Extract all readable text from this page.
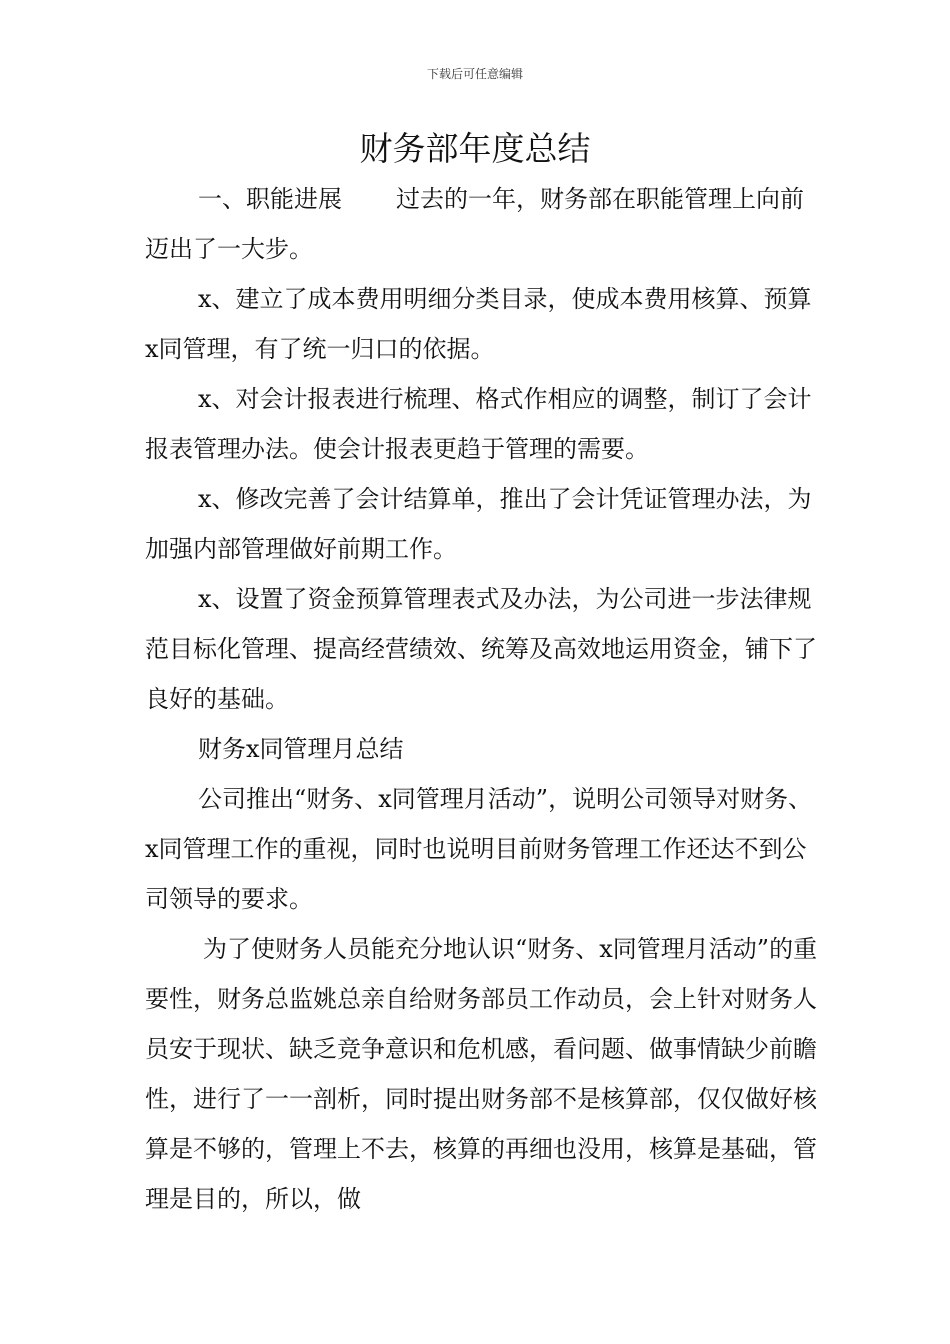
下载后可任意编辑
财务部年度总结

一、职能进展 过去的一年，财务部在职能管理上向前迈出了一大步。

x、建立了成本费用明细分类目录，使成本费用核算、预算x同管理，有了统一归口的依据。

x、对会计报表进行梳理、格式作相应的调整，制订了会计报表管理办法。使会计报表更趋于管理的需要。

x、修改完善了会计结算单，推出了会计凭证管理办法，为加强内部管理做好前期工作。

x、设置了资金预算管理表式及办法，为公司进一步法律规范目标化管理、提高经营绩效、统筹及高效地运用资金，铺下了良好的基础。

财务x同管理月总结

公司推出“财务、x同管理月活动”，说明公司领导对财务、x同管理工作的重视，同时也说明目前财务管理工作还达不到公司领导的要求。

为了使财务人员能充分地认识“财务、x同管理月活动”的重要性，财务总监姚总亲自给财务部员工作动员，会上针对财务人员安于现状、缺乏竞争意识和危机感，看问题、做事情缺少前瞻性，进行了一一剖析，同时提出财务部不是核算部，仅仅做好核算是不够的，管理上不去，核算的再细也没用，核算是基础，管理是目的，所以，做
